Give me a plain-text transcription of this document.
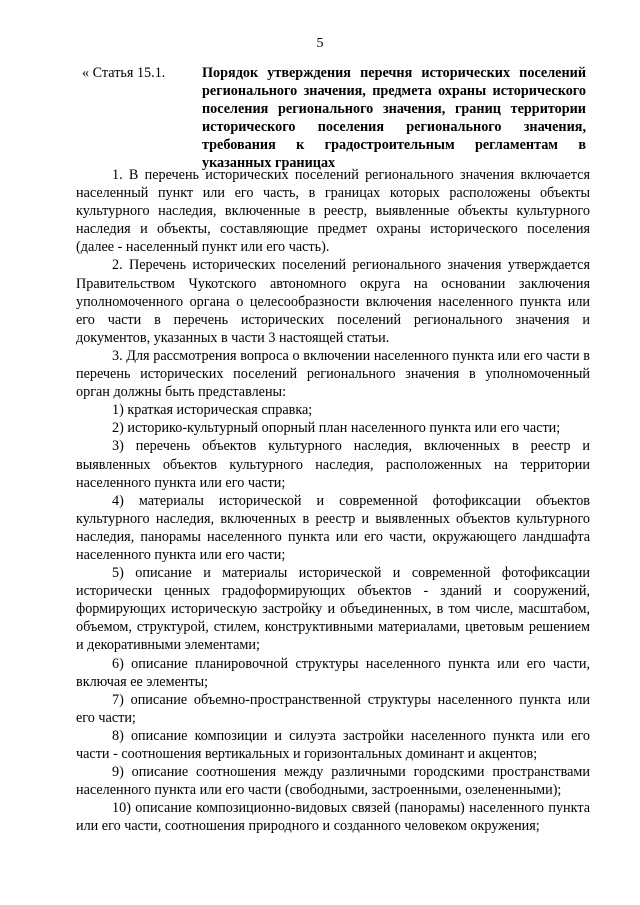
5
« Статья 15.1.	Порядок утверждения перечня исторических поселений регионального значения, предмета охраны исторического поселения регионального значения, границ территории исторического поселения регионального значения, требования к градостроительным регламентам в указанных границах

1. В перечень исторических поселений регионального значения включается населенный пункт или его часть, в границах которых расположены объекты культурного наследия, включенные в реестр, выявленные объекты культурного наследия и объекты, составляющие предмет охраны исторического поселения (далее - населенный пункт или его часть).

2. Перечень исторических поселений регионального значения утверждается Правительством Чукотского автономного округа на основании заключения уполномоченного органа о целесообразности включения населенного пункта или его части в перечень исторических поселений регионального значения и документов, указанных в части 3 настоящей статьи.

3. Для рассмотрения вопроса о включении населенного пункта или его части в перечень исторических поселений регионального значения в уполномоченный орган должны быть представлены:

1) краткая историческая справка;

2) историко-культурный опорный план населенного пункта или его части;

3) перечень объектов культурного наследия, включенных в реестр и выявленных объектов культурного наследия, расположенных на территории населенного пункта или его части;

4) материалы исторической и современной фотофиксации объектов культурного наследия, включенных в реестр и выявленных объектов культурного наследия, панорамы населенного пункта или его части, окружающего ландшафта населенного пункта или его части;

5) описание и материалы исторической и современной фотофиксации исторически ценных градоформирующих объектов - зданий и сооружений, формирующих историческую застройку и объединенных, в том числе, масштабом, объемом, структурой, стилем, конструктивными материалами, цветовым решением и декоративными элементами;

6) описание планировочной структуры населенного пункта или его части, включая ее элементы;

7) описание объемно-пространственной структуры населенного пункта или его части;

8) описание композиции и силуэта застройки населенного пункта или его части - соотношения вертикальных и горизонтальных доминант и акцентов;

9) описание соотношения между различными городскими пространствами населенного пункта или его части (свободными, застроенными, озелененными);

10) описание композиционно-видовых связей (панорамы) населенного пункта или его части, соотношения природного и созданного человеком окружения;
